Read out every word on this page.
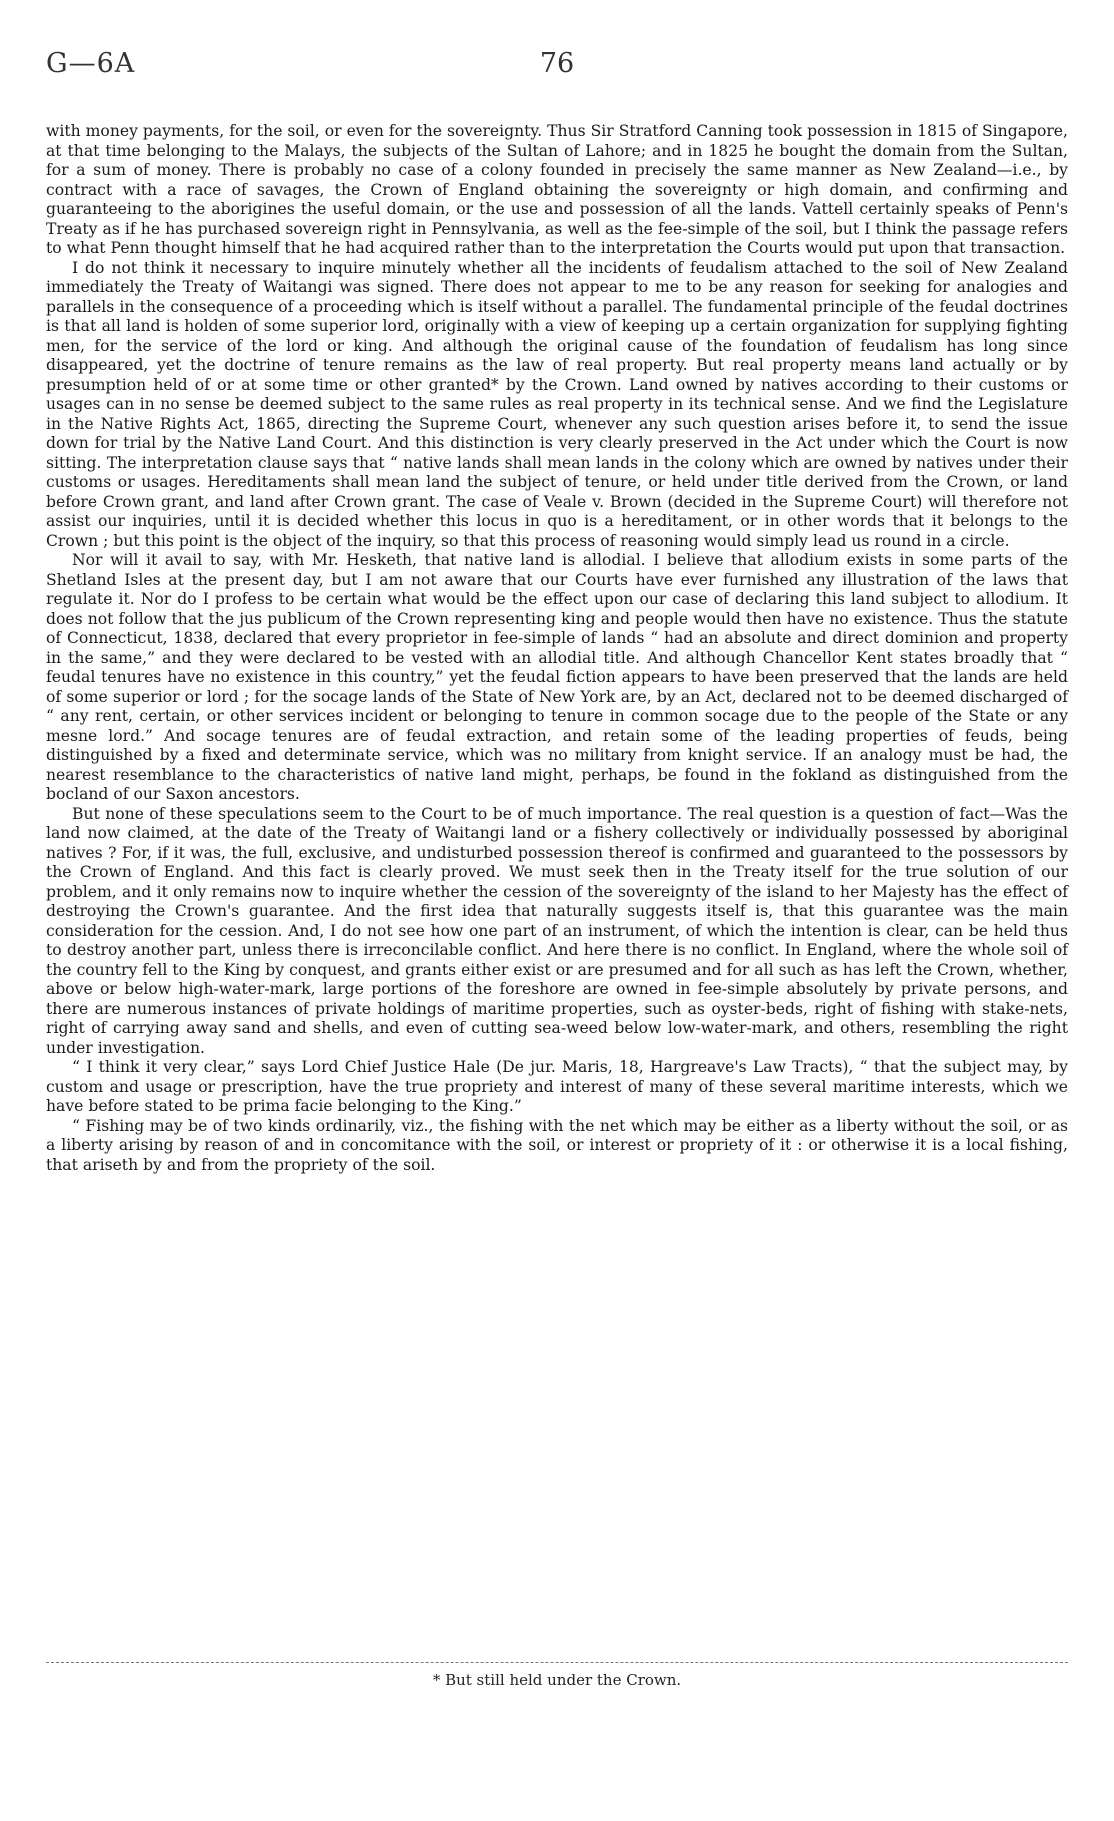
G—6A	76

with money payments, for the soil, or even for the sovereignty. Thus Sir Stratford Canning took possession in 1815 of Singapore, at that time belonging to the Malays, the subjects of the Sultan of Lahore; and in 1825 he bought the domain from the Sultan, for a sum of money. There is probably no case of a colony founded in precisely the same manner as New Zealand—i.e., by contract with a race of savages, the Crown of England obtaining the sovereignty or high domain, and confirming and guaranteeing to the aborigines the useful domain, or the use and possession of all the lands. Vattell certainly speaks of Penn's Treaty as if he has purchased sovereign right in Pennsylvania, as well as the fee-simple of the soil, but I think the passage refers to what Penn thought himself that he had acquired rather than to the interpretation the Courts would put upon that transaction.

I do not think it necessary to inquire minutely whether all the incidents of feudalism attached to the soil of New Zealand immediately the Treaty of Waitangi was signed. There does not appear to me to be any reason for seeking for analogies and parallels in the consequence of a proceeding which is itself without a parallel. The fundamental principle of the feudal doctrines is that all land is holden of some superior lord, originally with a view of keeping up a certain organization for supplying fighting men, for the service of the lord or king. And although the original cause of the foundation of feudalism has long since disappeared, yet the doctrine of tenure remains as the law of real property. But real property means land actually or by presumption held of or at some time or other granted* by the Crown. Land owned by natives according to their customs or usages can in no sense be deemed subject to the same rules as real property in its technical sense. And we find the Legislature in the Native Rights Act, 1865, directing the Supreme Court, whenever any such question arises before it, to send the issue down for trial by the Native Land Court. And this distinction is very clearly preserved in the Act under which the Court is now sitting. The interpretation clause says that “ native lands shall mean lands in the colony which are owned by natives under their customs or usages. Hereditaments shall mean land the subject of tenure, or held under title derived from the Crown, or land before Crown grant, and land after Crown grant. The case of Veale v. Brown (decided in the Supreme Court) will therefore not assist our inquiries, until it is decided whether this locus in quo is a hereditament, or in other words that it belongs to the Crown ; but this point is the object of the inquiry, so that this process of reasoning would simply lead us round in a circle.

Nor will it avail to say, with Mr. Hesketh, that native land is allodial. I believe that allodium exists in some parts of the Shetland Isles at the present day, but I am not aware that our Courts have ever furnished any illustration of the laws that regulate it. Nor do I profess to be certain what would be the effect upon our case of declaring this land subject to allodium. It does not follow that the jus publicum of the Crown representing king and people would then have no existence. Thus the statute of Connecticut, 1838, declared that every proprietor in fee-simple of lands “ had an absolute and direct dominion and property in the same,” and they were declared to be vested with an allodial title. And although Chancellor Kent states broadly that “ feudal tenures have no existence in this country,” yet the feudal fiction appears to have been preserved that the lands are held of some superior or lord ; for the socage lands of the State of New York are, by an Act, declared not to be deemed discharged of “ any rent, certain, or other services incident or belonging to tenure in common socage due to the people of the State or any mesne lord.” And socage tenures are of feudal extraction, and retain some of the leading properties of feuds, being distinguished by a fixed and determinate service, which was no military from knight service. If an analogy must be had, the nearest resemblance to the characteristics of native land might, perhaps, be found in the fokland as distinguished from the bocland of our Saxon ancestors.

But none of these speculations seem to the Court to be of much importance. The real question is a question of fact—Was the land now claimed, at the date of the Treaty of Waitangi land or a fishery collectively or individually possessed by aboriginal natives ? For, if it was, the full, exclusive, and undisturbed possession thereof is confirmed and guaranteed to the possessors by the Crown of England. And this fact is clearly proved. We must seek then in the Treaty itself for the true solution of our problem, and it only remains now to inquire whether the cession of the sovereignty of the island to her Majesty has the effect of destroying the Crown's guarantee. And the first idea that naturally suggests itself is, that this guarantee was the main consideration for the cession. And, I do not see how one part of an instrument, of which the intention is clear, can be held thus to destroy another part, unless there is irreconcilable conflict. And here there is no conflict. In England, where the whole soil of the country fell to the King by conquest, and grants either exist or are presumed and for all such as has left the Crown, whether, above or below high-water-mark, large portions of the foreshore are owned in fee-simple absolutely by private persons, and there are numerous instances of private holdings of maritime properties, such as oyster-beds, right of fishing with stake-nets, right of carrying away sand and shells, and even of cutting sea-weed below low-water-mark, and others, resembling the right under investigation.

“ I think it very clear,” says Lord Chief Justice Hale (De jur. Maris, 18, Hargreave's Law Tracts), “ that the subject may, by custom and usage or prescription, have the true propriety and interest of many of these several maritime interests, which we have before stated to be prima facie belonging to the King.”

“ Fishing may be of two kinds ordinarily, viz., the fishing with the net which may be either as a liberty without the soil, or as a liberty arising by reason of and in concomitance with the soil, or interest or propriety of it : or otherwise it is a local fishing, that ariseth by and from the propriety of the soil.

* But still held under the Crown.
